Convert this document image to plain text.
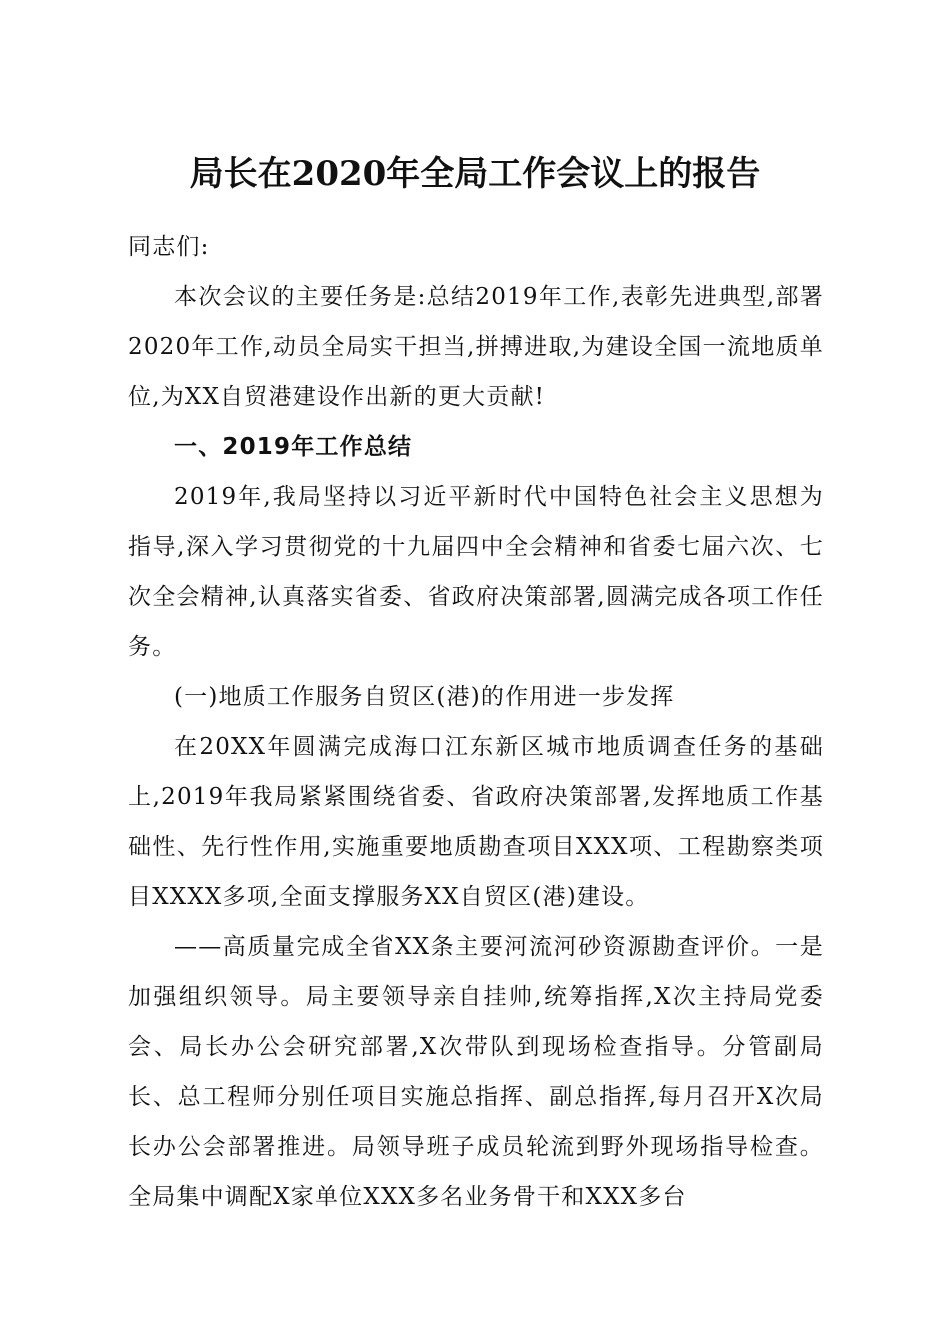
局长在2020年全局工作会议上的报告

同志们:

本次会议的主要任务是:总结2019年工作,表彰先进典型,部署2020年工作,动员全局实干担当,拼搏进取,为建设全国一流地质单位,为XX自贸港建设作出新的更大贡献!

一、2019年工作总结

2019年,我局坚持以习近平新时代中国特色社会主义思想为指导,深入学习贯彻党的十九届四中全会精神和省委七届六次、七次全会精神,认真落实省委、省政府决策部署,圆满完成各项工作任务。

(一)地质工作服务自贸区(港)的作用进一步发挥

在20XX年圆满完成海口江东新区城市地质调查任务的基础上,2019年我局紧紧围绕省委、省政府决策部署,发挥地质工作基础性、先行性作用,实施重要地质勘查项目XXX项、工程勘察类项目XXXX多项,全面支撑服务XX自贸区(港)建设。

——高质量完成全省XX条主要河流河砂资源勘查评价。一是加强组织领导。局主要领导亲自挂帅,统筹指挥,X次主持局党委会、局长办公会研究部署,X次带队到现场检查指导。分管副局长、总工程师分别任项目实施总指挥、副总指挥,每月召开X次局长办公会部署推进。局领导班子成员轮流到野外现场指导检查。全局集中调配X家单位XXX多名业务骨干和XXX多台
